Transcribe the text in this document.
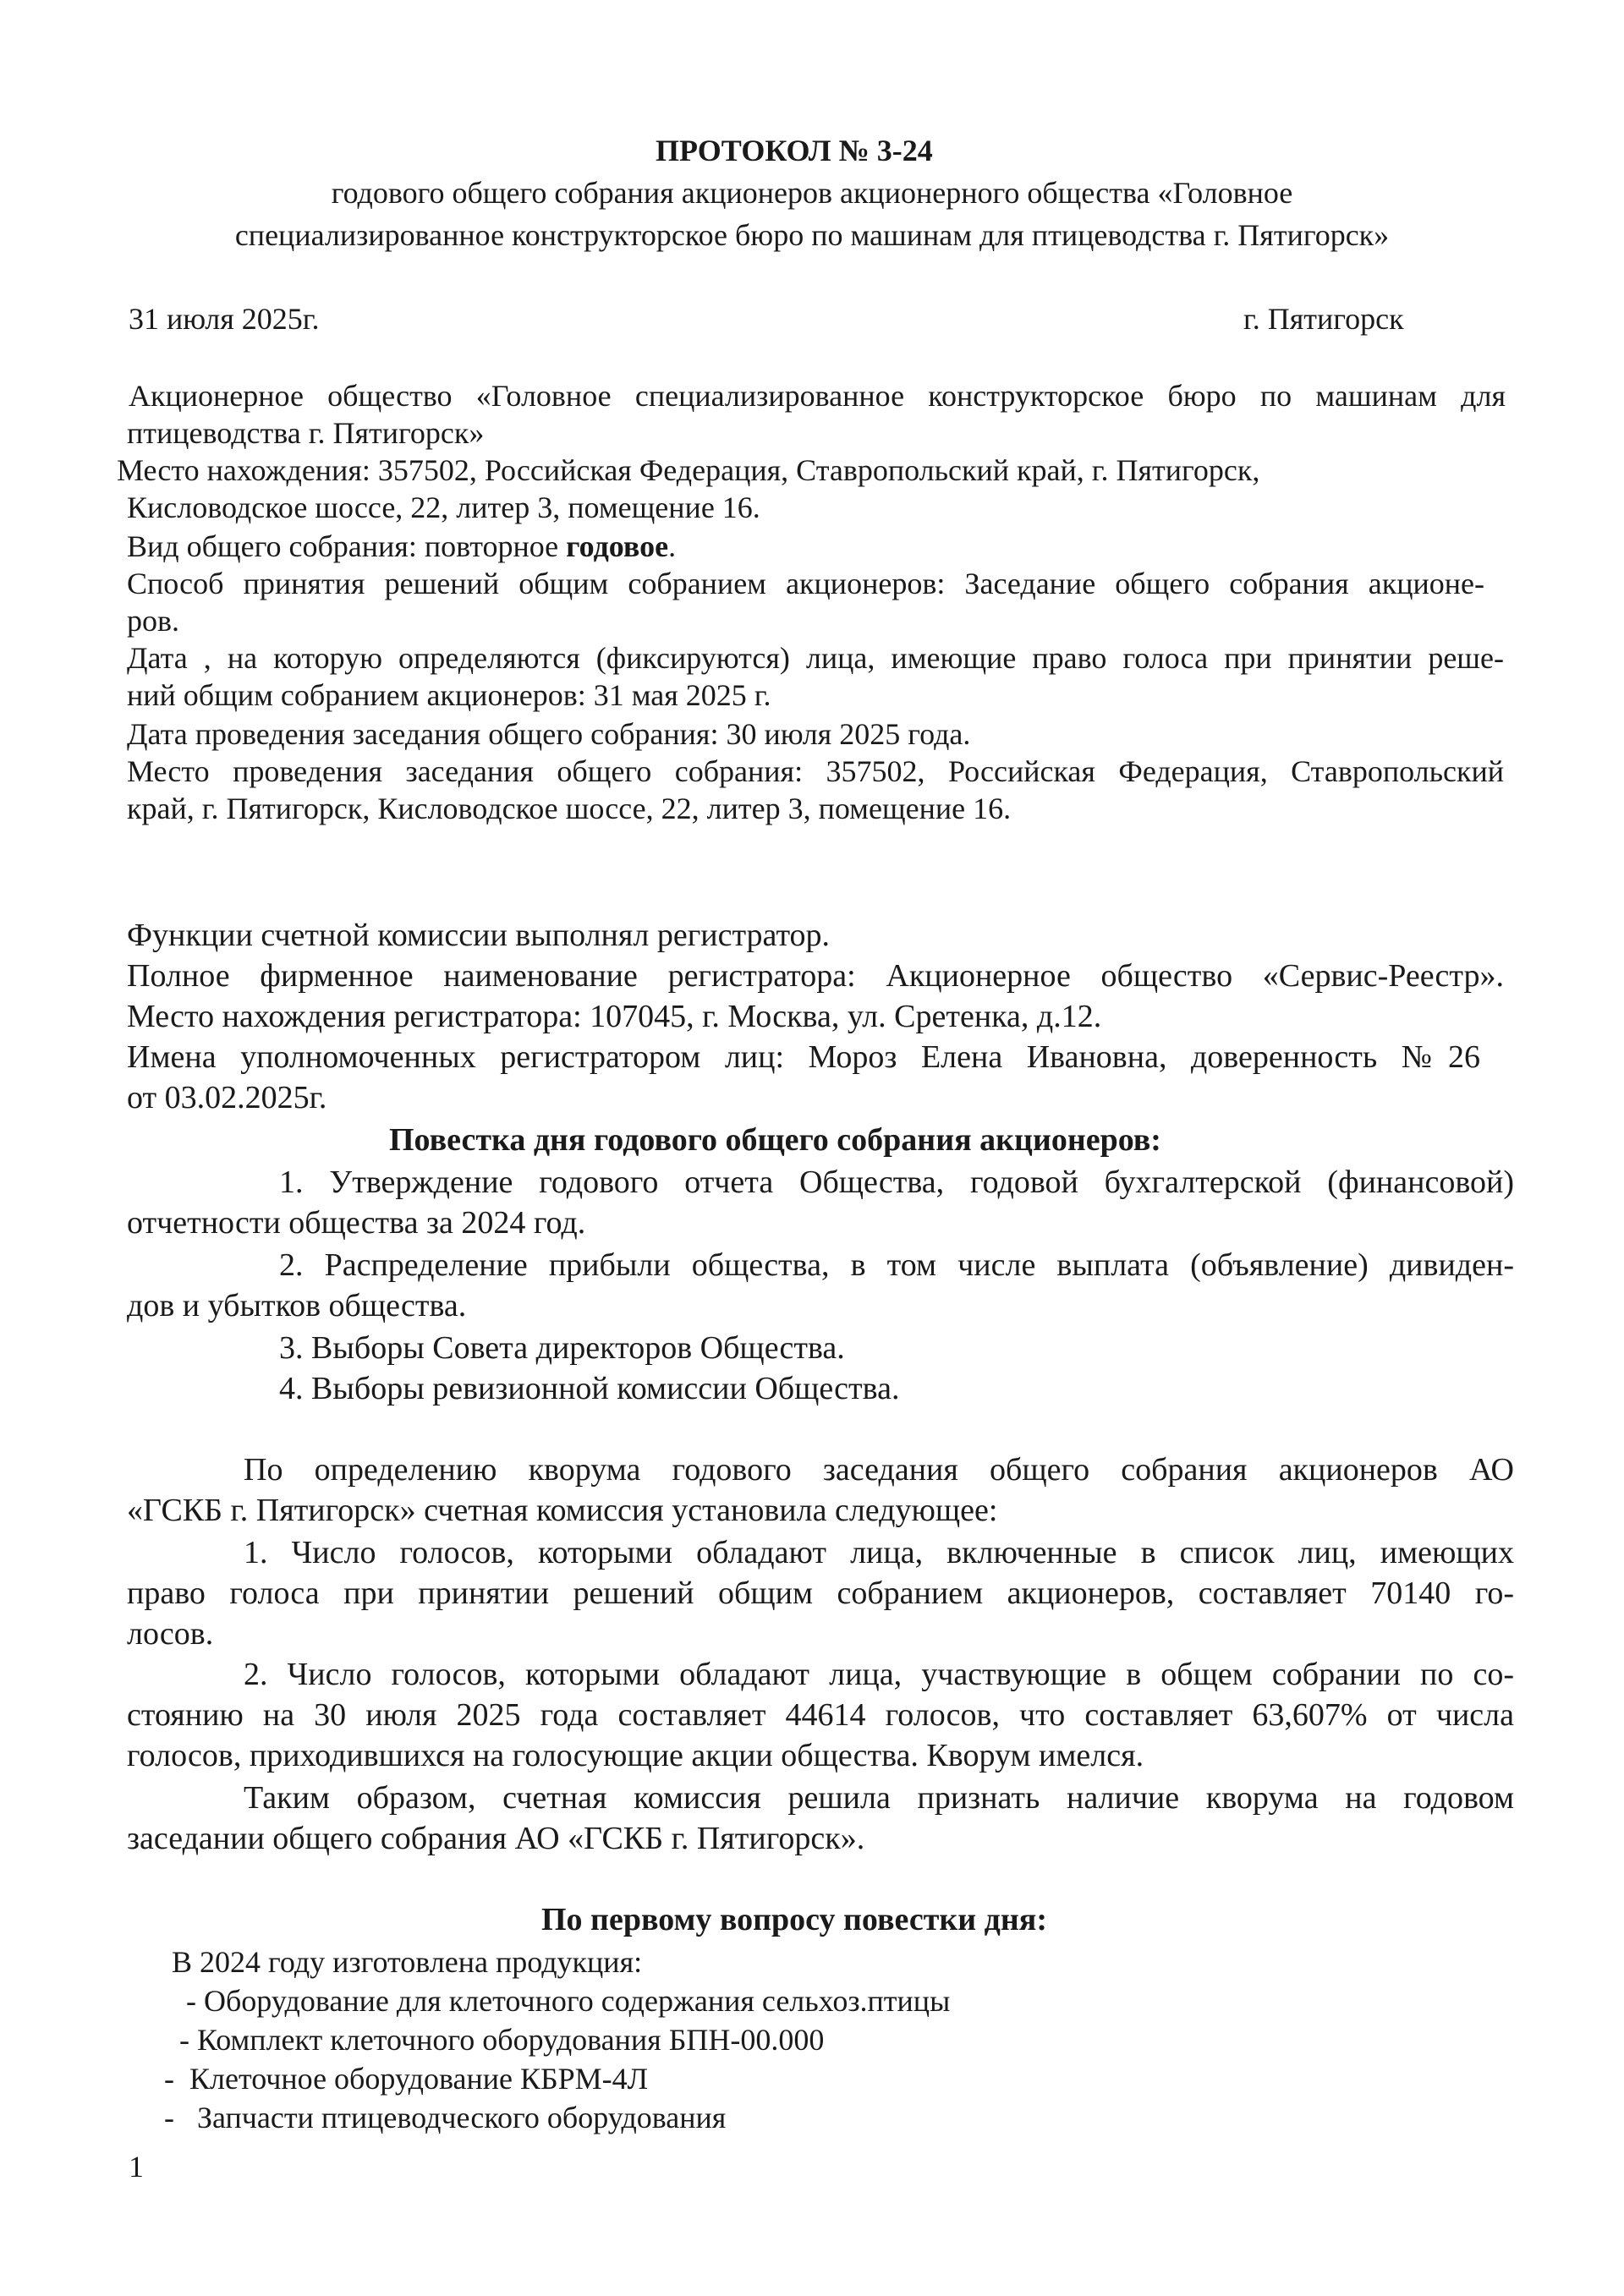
ПРОТОКОЛ № 3-24
годового общего собрания акционеров акционерного общества «Головное
специализированное конструкторское бюро по машинам для птицеводства г. Пятигорск»
31 июля 2025г.	г. Пятигорск
Акционерное общество «Головное специализированное конструкторское бюро по машинам для
птицеводства г. Пятигорск»
Место нахождения: 357502, Российская Федерация, Ставропольский край, г. Пятигорск,
Кисловодское шоссе, 22, литер 3, помещение 16.
Вид общего собрания: повторное годовое.
Способ принятия решений общим собранием акционеров: Заседание общего собрания акционе-
ров.
Дата , на которую определяются (фиксируются) лица, имеющие право голоса при принятии реше-
ний общим собранием акционеров: 31 мая 2025 г.
Дата проведения заседания общего собрания: 30 июля 2025 года.
Место проведения заседания общего собрания: 357502, Российская Федерация, Ставропольский
край, г. Пятигорск, Кисловодское шоссе, 22, литер 3, помещение 16.
Функции счетной комиссии выполнял регистратор.
Полное фирменное наименование регистратора: Акционерное общество «Сервис-Реестр».
Место нахождения регистратора: 107045, г. Москва, ул. Сретенка, д.12.
Имена уполномоченных регистратором лиц: Мороз Елена Ивановна, доверенность №26
от 03.02.2025г.
Повестка дня годового общего собрания акционеров:
1. Утверждение годового отчета Общества, годовой бухгалтерской (финансовой)
отчетности общества за 2024 год.
2. Распределение прибыли общества, в том числе выплата (объявление) дивиден-
дов и убытков общества.
3. Выборы Совета директоров Общества.
4. Выборы ревизионной комиссии Общества.
По определению кворума годового заседания общего собрания акционеров АО
«ГСКБ г. Пятигорск» счетная комиссия установила следующее:
1. Число голосов, которыми обладают лица, включенные в список лиц, имеющих
право голоса при принятии решений общим собранием акционеров, составляет 70140 го-
лосов.
2. Число голосов, которыми обладают лица, участвующие в общем собрании по со-
стоянию на 30 июля 2025 года составляет 44614 голосов, что составляет 63,607% от числа
голосов, приходившихся на голосующие акции общества. Кворум имелся.
Таким образом, счетная комиссия решила признать наличие кворума на годовом
заседании общего собрания АО «ГСКБ г. Пятигорск».
По первому вопросу повестки дня:
В 2024 году изготовлена продукция:
- Оборудование для клеточного содержания сельхоз.птицы
- Комплект клеточного оборудования БПН-00.000
-  Клеточное оборудование КБРМ-4Л
-   Запчасти птицеводческого оборудования
1
